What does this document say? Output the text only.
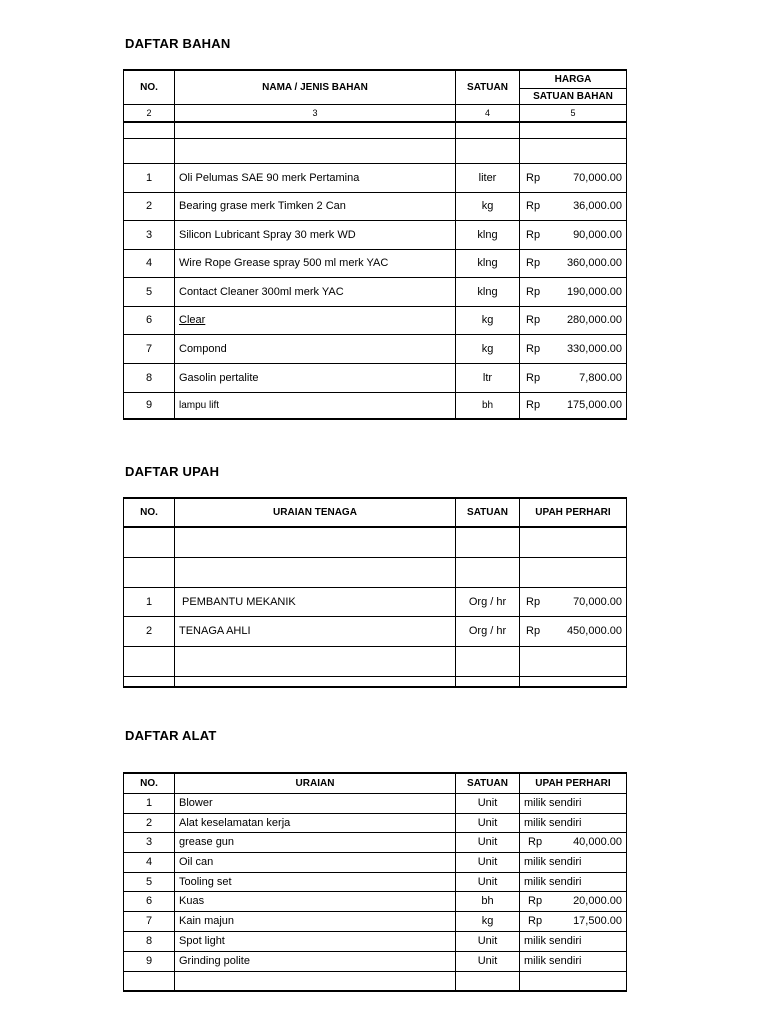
DAFTAR BAHAN
NO.	NAMA / JENIS BAHAN	SATUAN	HARGA
			SATUAN BAHAN
2	3	4	5

1	Oli Pelumas SAE 90 merk Pertamina	liter	Rp 70,000.00

2	Bearing grase merk Timken 2 Can	kg	Rp 36,000.00

3	Silicon Lubricant Spray 30 merk WD	klng	Rp 90,000.00

4	Wire Rope Grease spray 500 ml merk YAC	klng	Rp 360,000.00

5	Contact Cleaner 300ml merk YAC	klng	Rp 190,000.00

6	Clear	kg	Rp 280,000.00

7	Compond	kg	Rp 330,000.00

8	Gasolin pertalite	ltr	Rp 7,800.00

9	lampu lift	bh	Rp 175,000.00
DAFTAR UPAH
NO.	URAIAN TENAGA	SATUAN	UPAH PERHARI

1	PEMBANTU MEKANIK	Org / hr	Rp 70,000.00

2	TENAGA AHLI	Org / hr	Rp 450,000.00

DAFTAR ALAT
NO.	URAIAN	SATUAN	UPAH PERHARI
1	Blower	Unit	milik sendiri
2	Alat keselamatan kerja	Unit	milik sendiri
3	grease gun	Unit	Rp 40,000.00

4	Oil can	Unit	milik sendiri
5	Tooling set	Unit	milik sendiri
6	Kuas	bh	Rp 20,000.00

7	Kain majun	kg	Rp 17,500.00

8	Spot light	Unit	milik sendiri
9	Grinding polite	Unit	milik sendiri
